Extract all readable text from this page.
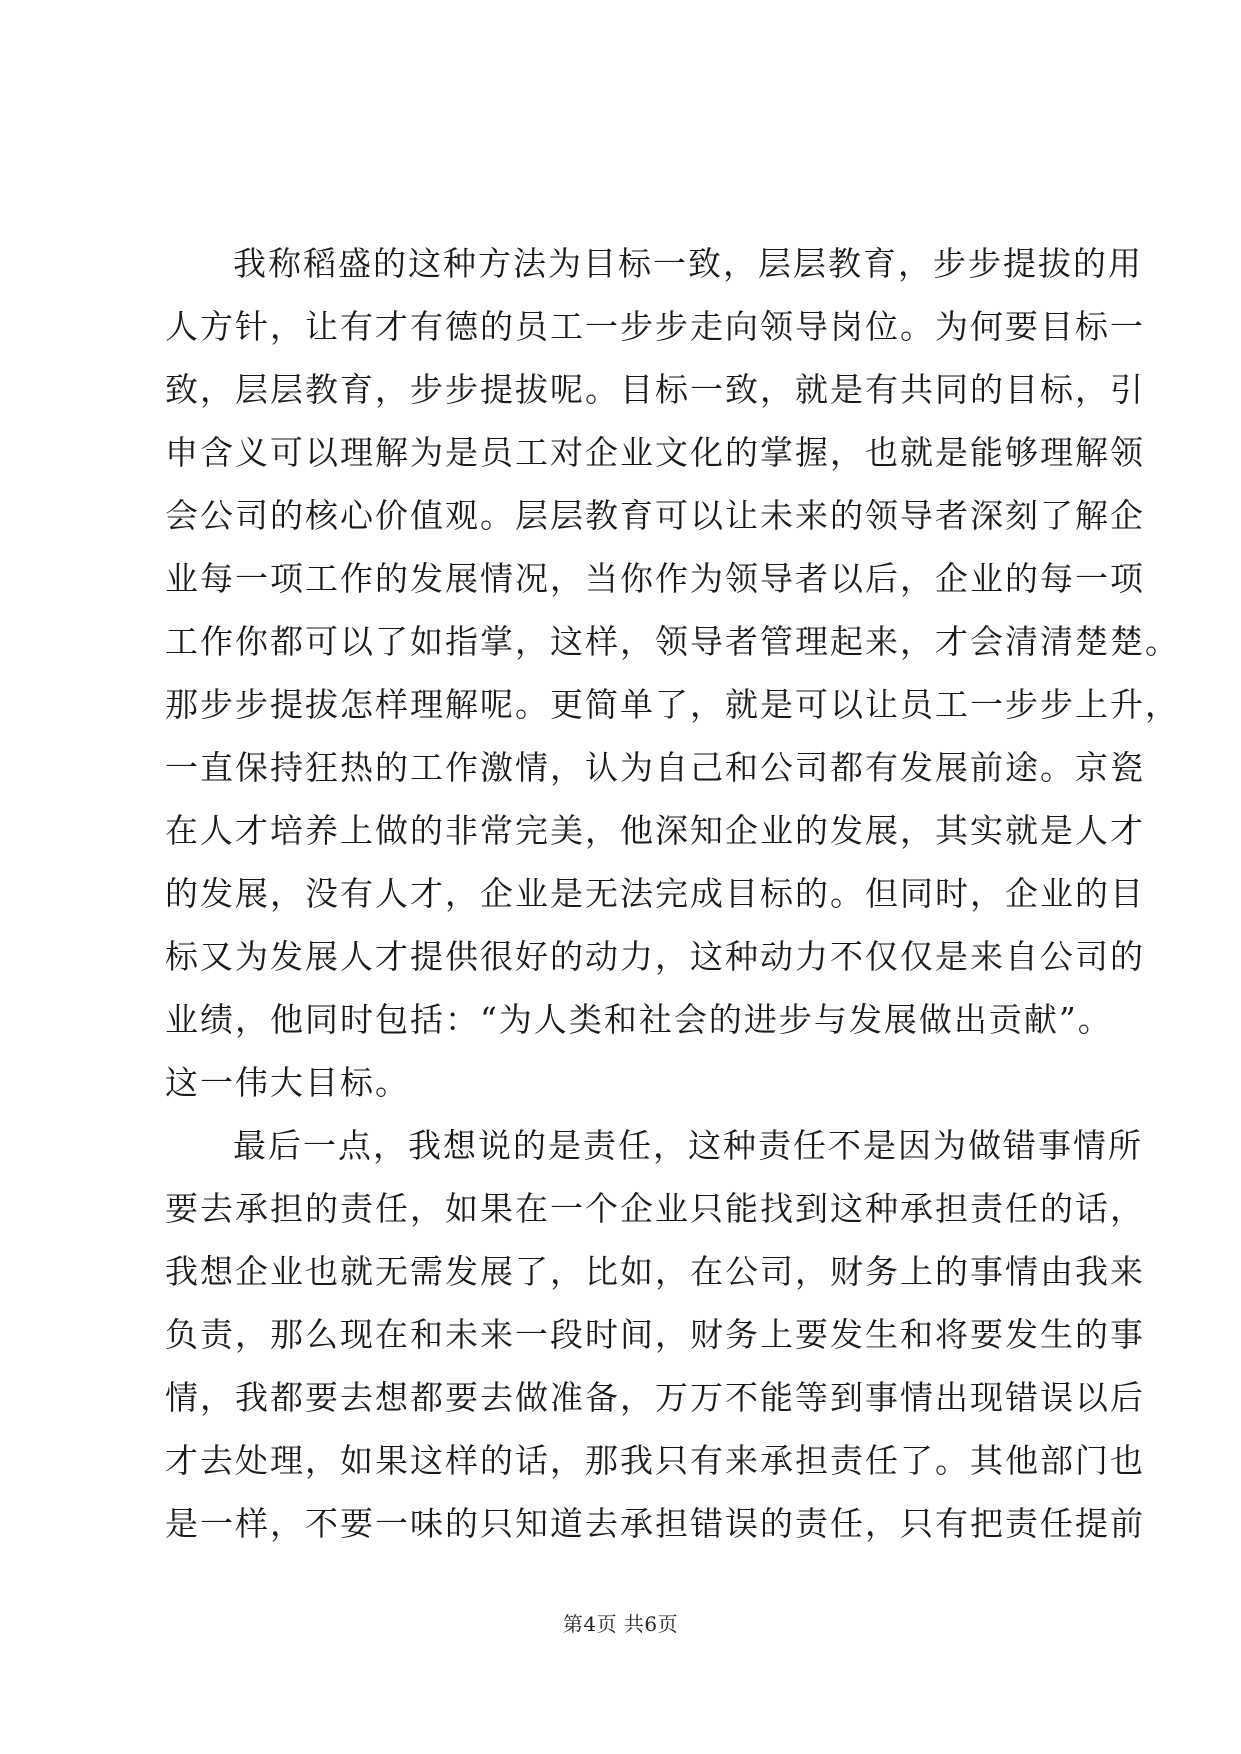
我称稻盛的这种方法为目标一致，层层教育，步步提拔的用
人方针，让有才有德的员工一步步走向领导岗位。为何要目标一
致，层层教育，步步提拔呢。目标一致，就是有共同的目标，引
申含义可以理解为是员工对企业文化的掌握，也就是能够理解领
会公司的核心价值观。层层教育可以让未来的领导者深刻了解企
业每一项工作的发展情况，当你作为领导者以后，企业的每一项
工作你都可以了如指掌，这样，领导者管理起来，才会清清楚楚。
那步步提拔怎样理解呢。更简单了，就是可以让员工一步步上升，
一直保持狂热的工作激情，认为自己和公司都有发展前途。京瓷
在人才培养上做的非常完美，他深知企业的发展，其实就是人才
的发展，没有人才，企业是无法完成目标的。但同时，企业的目
标又为发展人才提供很好的动力，这种动力不仅仅是来自公司的
业绩，他同时包括：“为人类和社会的进步与发展做出贡献”。
这一伟大目标。
最后一点，我想说的是责任，这种责任不是因为做错事情所
要去承担的责任，如果在一个企业只能找到这种承担责任的话，
我想企业也就无需发展了，比如，在公司，财务上的事情由我来
负责，那么现在和未来一段时间，财务上要发生和将要发生的事
情，我都要去想都要去做准备，万万不能等到事情出现错误以后
才去处理，如果这样的话，那我只有来承担责任了。其他部门也
是一样，不要一味的只知道去承担错误的责任，只有把责任提前
第4页 共6页
